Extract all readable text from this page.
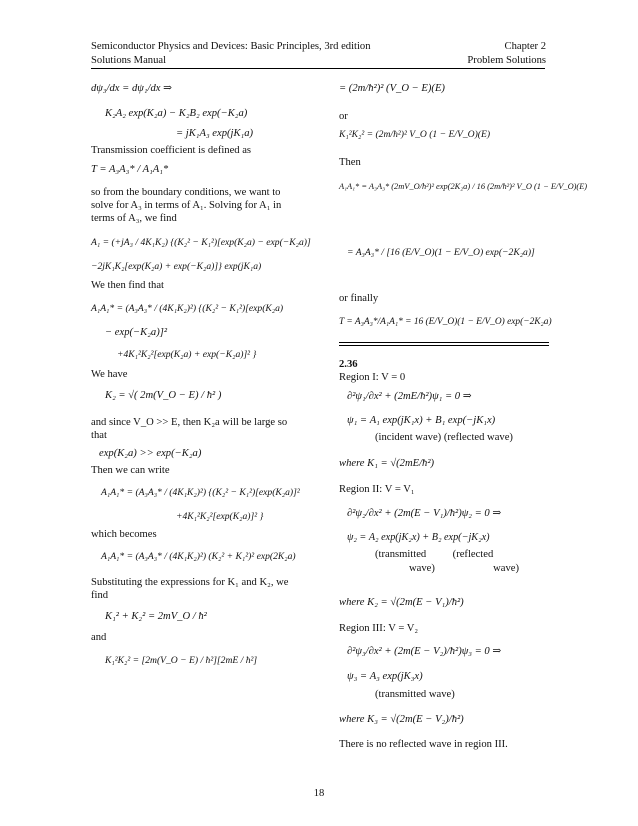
Semiconductor Physics and Devices: Basic Principles, 3rd edition
Solutions Manual
Chapter 2
Problem Solutions
dψ₃/dx = dψ₁/dx ⇒
K₂A₂ exp(K₂a) − K₂B₂ exp(−K₂a)
= jK₁A₃ exp(jK₁a)
Transmission coefficient is defined as
T = A₃A₃* / A₁A₁*
so from the boundary conditions, we want to
solve for A₃ in terms of A₁. Solving for A₁ in
terms of A₃, we find
A₁ = (+jA₃ / 4K₁K₂) {(K₂² − K₁²)[exp(K₂a) − exp(−K₂a)]
−2jK₁K₂[exp(K₂a) + exp(−K₂a)]} exp(jK₁a)
We then find that
A₁A₁* = (A₃A₃* / (4K₁K₂)²) {(K₂² − K₁²)[exp(K₂a)
− exp(−K₂a)]²
+4K₁²K₂²[exp(K₂a) + exp(−K₂a)]² }
We have
K₂ = √( 2m(V_O − E) / ħ² )
and since V_O >> E, then K₂a will be large so
that
exp(K₂a) >> exp(−K₂a)
Then we can write
A₁A₁* = (A₃A₃* / (4K₁K₂)²) {(K₂² − K₁²)[exp(K₂a)]²
+4K₁²K₂²[exp(K₂a)]² }
which becomes
A₁A₁* = (A₃A₃* / (4K₁K₂)²) (K₂² + K₁²)² exp(2K₂a)
Substituting the expressions for K₁ and K₂, we
find
K₁² + K₂² = 2mV_O / ħ²
and
K₁²K₂² = [2m(V_O − E) / ħ²][2mE / ħ²]
= (2m/ħ²)² (V_O − E)(E)
or
K₁²K₂² = (2m/ħ²)² V_O (1 − E/V_O)(E)
Then
A₁A₁* = A₃A₃* (2mV_O/ħ²)² exp(2K₂a) / 16 (2m/ħ²)² V_O (1 − E/V_O)(E)
= A₃A₃* / [16 (E/V_O)(1 − E/V_O) exp(−2K₂a)]
or finally
T = A₃A₃*/A₁A₁* = 16 (E/V_O)(1 − E/V_O) exp(−2K₂a)
2.36
Region I: V = 0
∂²ψ₁/∂x² + (2mE/ħ²)ψ₁ = 0 ⇒
ψ₁ = A₁ exp(jK₁x) + B₁ exp(−jK₁x)
(incident wave) (reflected wave)
where K₁ = √(2mE/ħ²)
Region II: V = V₁
∂²ψ₂/∂x² + (2m(E − V₁)/ħ²)ψ₂ = 0 ⇒
ψ₂ = A₂ exp(jK₂x) + B₂ exp(−jK₂x)
(transmitted          (reflected
wave)                      wave)
where K₂ = √(2m(E − V₁)/ħ²)
Region III: V = V₂
∂²ψ₃/∂x² + (2m(E − V₂)/ħ²)ψ₃ = 0 ⇒
ψ₃ = A₃ exp(jK₃x)
(transmitted wave)
where K₃ = √(2m(E − V₂)/ħ²)
There is no reflected wave in region III.
18
